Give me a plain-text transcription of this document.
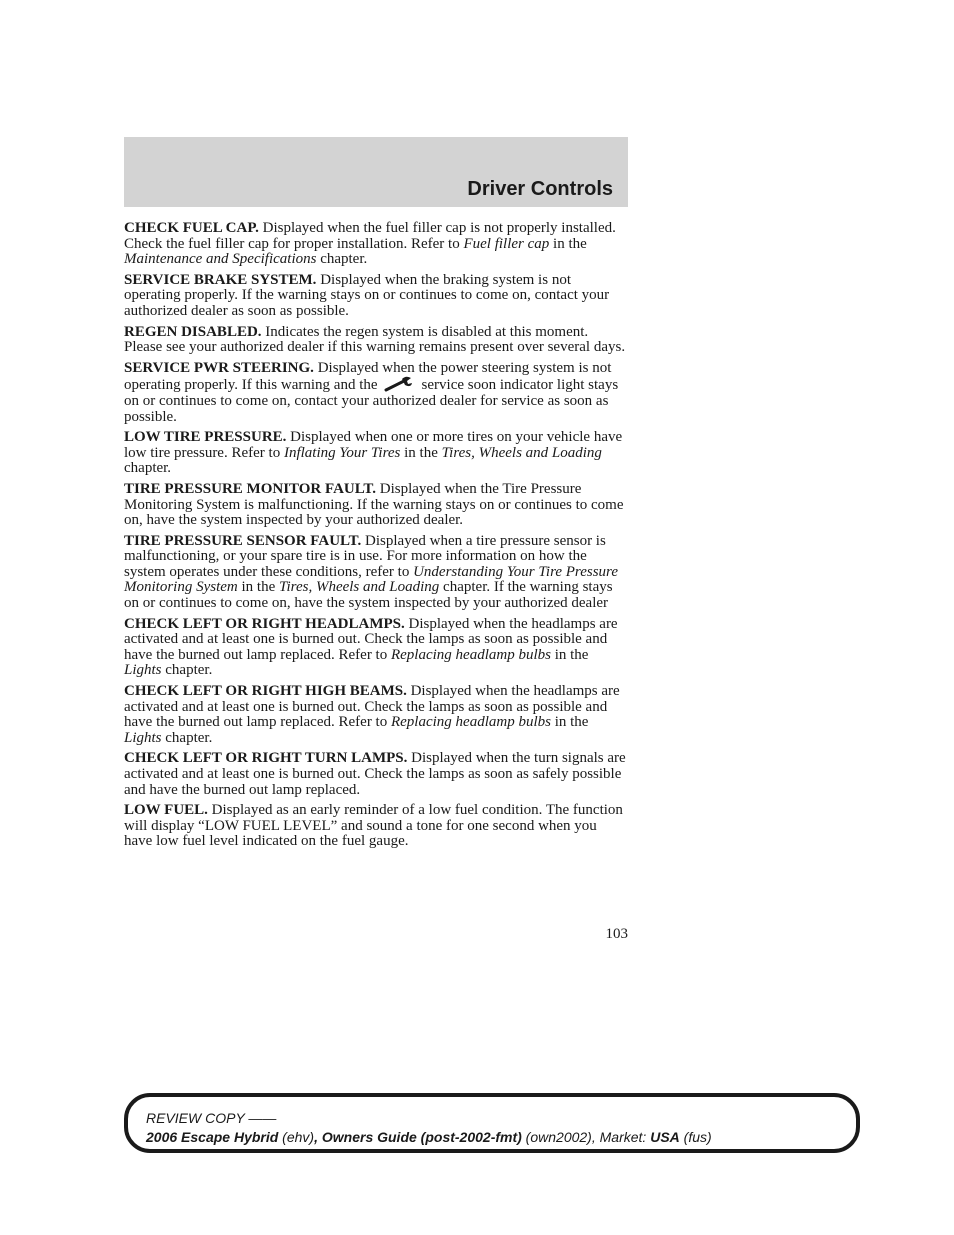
Driver Controls

CHECK FUEL CAP. Displayed when the fuel filler cap is not properly installed. Check the fuel filler cap for proper installation. Refer to Fuel filler cap in the Maintenance and Specifications chapter.

SERVICE BRAKE SYSTEM. Displayed when the braking system is not operating properly. If the warning stays on or continues to come on, contact your authorized dealer as soon as possible.

REGEN DISABLED. Indicates the regen system is disabled at this moment. Please see your authorized dealer if this warning remains present over several days.

SERVICE PWR STEERING. Displayed when the power steering system is not operating properly. If this warning and the	service soon indicator light stays on or continues to come on, contact your authorized dealer for service as soon as possible.

LOW TIRE PRESSURE. Displayed when one or more tires on your vehicle have low tire pressure. Refer to Inflating Your Tires in the Tires, Wheels and Loading chapter.

TIRE PRESSURE MONITOR FAULT. Displayed when the Tire Pressure Monitoring System is malfunctioning. If the warning stays on or continues to come on, have the system inspected by your authorized dealer.

TIRE PRESSURE SENSOR FAULT. Displayed when a tire pressure sensor is malfunctioning, or your spare tire is in use. For more information on how the system operates under these conditions, refer to Understanding Your Tire Pressure Monitoring System in the Tires, Wheels and Loading chapter. If the warning stays on or continues to come on, have the system inspected by your authorized dealer

CHECK LEFT OR RIGHT HEADLAMPS. Displayed when the headlamps are activated and at least one is burned out. Check the lamps as soon as possible and have the burned out lamp replaced. Refer to Replacing headlamp bulbs in the Lights chapter.

CHECK LEFT OR RIGHT HIGH BEAMS. Displayed when the headlamps are activated and at least one is burned out. Check the lamps as soon as possible and have the burned out lamp replaced. Refer to Replacing headlamp bulbs in the Lights chapter.

CHECK LEFT OR RIGHT TURN LAMPS. Displayed when the turn signals are activated and at least one is burned out. Check the lamps as soon as safely possible and have the burned out lamp replaced.

LOW FUEL. Displayed as an early reminder of a low fuel condition. The function will display “LOW FUEL LEVEL” and sound a tone for one second when you have low fuel level indicated on the fuel gauge.

103
REVIEW COPY ——
2006 Escape Hybrid (ehv), Owners Guide (post-2002-fmt) (own2002), Market: USA (fus)
